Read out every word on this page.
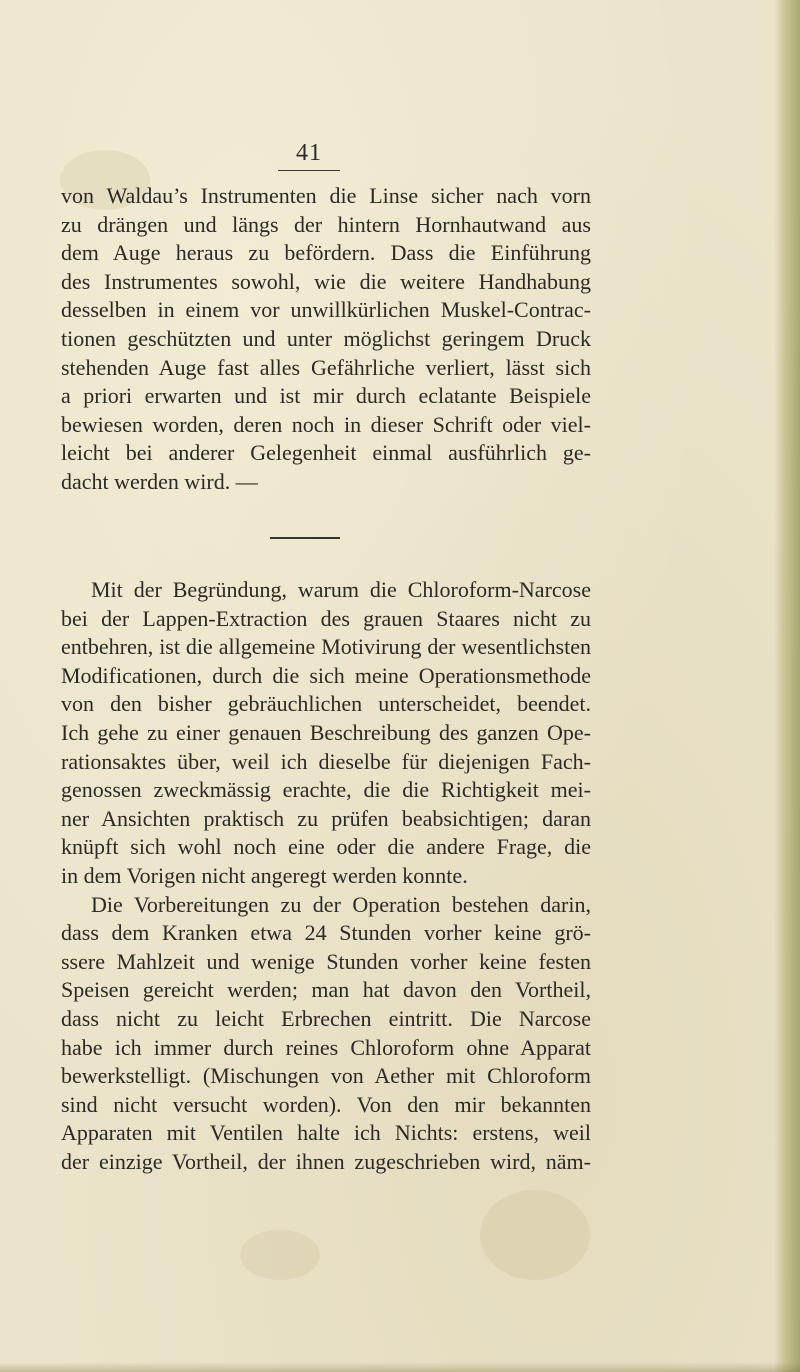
41
von Waldau’s Instrumenten die Linse sicher nach vorn
zu drängen und längs der hintern Hornhautwand aus
dem Auge heraus zu befördern. Dass die Einführung
des Instrumentes sowohl, wie die weitere Handhabung
desselben in einem vor unwillkürlichen Muskel-Contrac-
tionen geschützten und unter möglichst geringem Druck
stehenden Auge fast alles Gefährliche verliert, lässt sich
a priori erwarten und ist mir durch eclatante Beispiele
bewiesen worden, deren noch in dieser Schrift oder viel-
leicht bei anderer Gelegenheit einmal ausführlich ge-
dacht werden wird. —
Mit der Begründung, warum die Chloroform-Narcose
bei der Lappen-Extraction des grauen Staares nicht zu
entbehren, ist die allgemeine Motivirung der wesentlichsten
Modificationen, durch die sich meine Operationsmethode
von den bisher gebräuchlichen unterscheidet, beendet.
Ich gehe zu einer genauen Beschreibung des ganzen Ope-
rationsaktes über, weil ich dieselbe für diejenigen Fach-
genossen zweckmässig erachte, die die Richtigkeit mei-
ner Ansichten praktisch zu prüfen beabsichtigen; daran
knüpft sich wohl noch eine oder die andere Frage, die
in dem Vorigen nicht angeregt werden konnte.
Die Vorbereitungen zu der Operation bestehen darin,
dass dem Kranken etwa 24 Stunden vorher keine grö-
ssere Mahlzeit und wenige Stunden vorher keine festen
Speisen gereicht werden; man hat davon den Vortheil,
dass nicht zu leicht Erbrechen eintritt. Die Narcose
habe ich immer durch reines Chloroform ohne Apparat
bewerkstelligt. (Mischungen von Aether mit Chloroform
sind nicht versucht worden). Von den mir bekannten
Apparaten mit Ventilen halte ich Nichts: erstens, weil
der einzige Vortheil, der ihnen zugeschrieben wird, näm-
